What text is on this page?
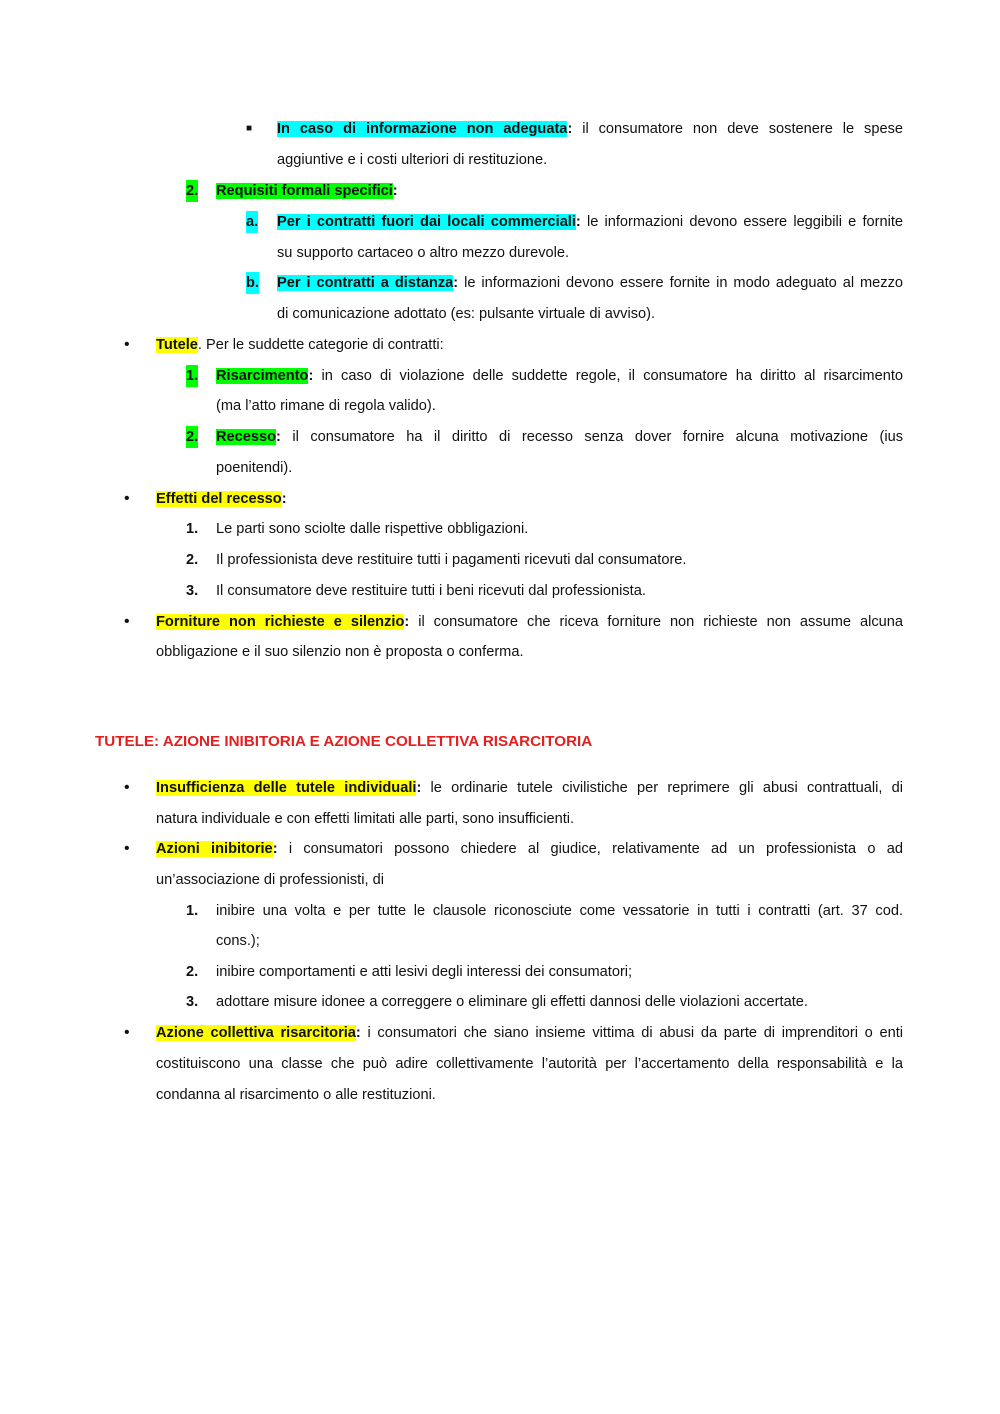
■ In caso di informazione non adeguata: il consumatore non deve sostenere le spese
aggiuntive e i costi ulteriori di restituzione.
2. Requisiti formali specifici:
a. Per i contratti fuori dai locali commerciali: le informazioni devono essere leggibili e fornite
su supporto cartaceo o altro mezzo durevole.
b. Per i contratti a distanza: le informazioni devono essere fornite in modo adeguato al mezzo
di comunicazione adottato (es: pulsante virtuale di avviso).
• Tutele. Per le suddette categorie di contratti:
1. Risarcimento: in caso di violazione delle suddette regole, il consumatore ha diritto al risarcimento
(ma l’atto rimane di regola valido).
2. Recesso: il consumatore ha il diritto di recesso senza dover fornire alcuna motivazione (ius
poenitendi).
• Effetti del recesso:
1. Le parti sono sciolte dalle rispettive obbligazioni.
2. Il professionista deve restituire tutti i pagamenti ricevuti dal consumatore.
3. Il consumatore deve restituire tutti i beni ricevuti dal professionista.
• Forniture non richieste e silenzio: il consumatore che riceva forniture non richieste non assume alcuna
obbligazione e il suo silenzio non è proposta o conferma.
TUTELE: AZIONE INIBITORIA E AZIONE COLLETTIVA RISARCITORIA
• Insufficienza delle tutele individuali: le ordinarie tutele civilistiche per reprimere gli abusi contrattuali, di
natura individuale e con effetti limitati alle parti, sono insufficienti.
• Azioni inibitorie: i consumatori possono chiedere al giudice, relativamente ad un professionista o ad
un’associazione di professionisti, di
1. inibire una volta e per tutte le clausole riconosciute come vessatorie in tutti i contratti (art. 37 cod.
cons.);
2. inibire comportamenti e atti lesivi degli interessi dei consumatori;
3. adottare misure idonee a correggere o eliminare gli effetti dannosi delle violazioni accertate.
• Azione collettiva risarcitoria: i consumatori che siano insieme vittima di abusi da parte di imprenditori o enti
costituiscono una classe che può adire collettivamente l’autorità per l’accertamento della responsabilità e la
condanna al risarcimento o alle restituzioni.
